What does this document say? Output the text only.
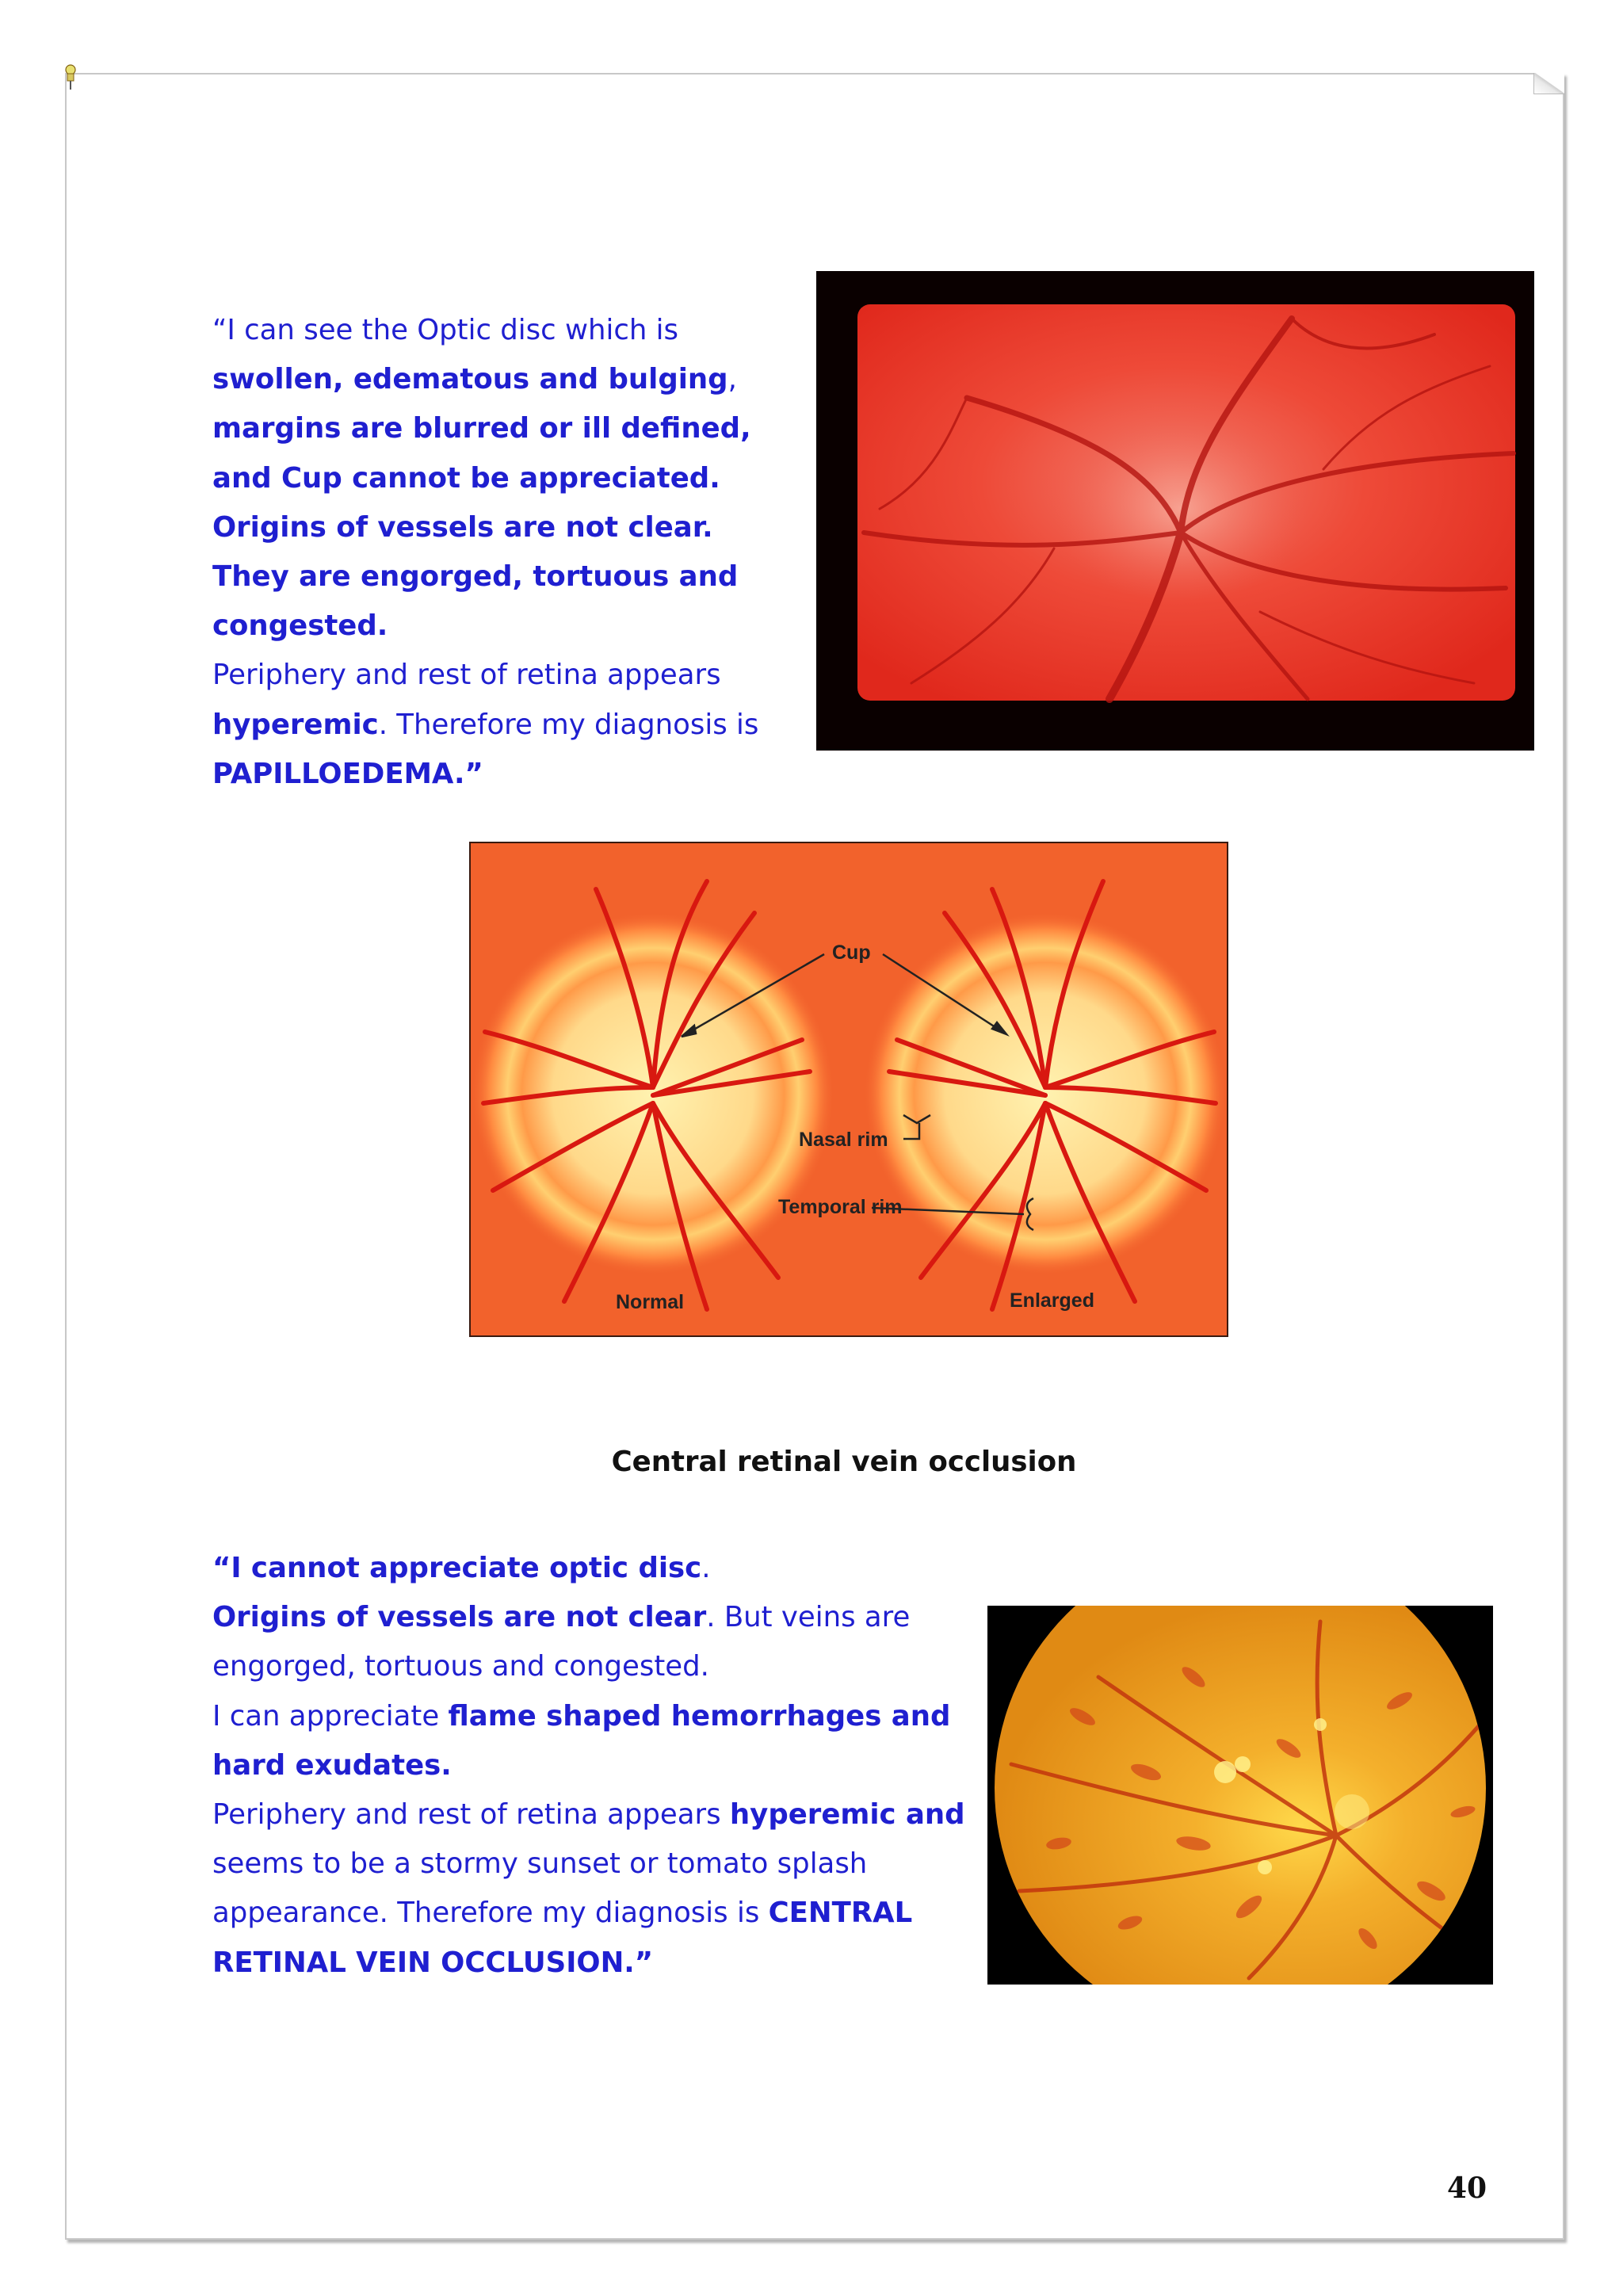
“I can see the Optic disc which is swollen, edematous and bulging, margins are blurred or ill defined, and Cup cannot be appreciated. Origins of vessels are not clear. They are engorged, tortuous and congested.
Periphery and rest of retina appears hyperemic. Therefore my diagnosis is PAPILLOEDEMA.”

Cup
Nasal rim
Temporal rim
Normal	Enlarged

Central retinal vein occlusion

“I cannot appreciate optic disc.
Origins of vessels are not clear. But veins are engorged, tortuous and congested.
I can appreciate flame shaped hemorrhages and hard exudates.
Periphery and rest of retina appears hyperemic and seems to be a stormy sunset or tomato splash appearance. Therefore my diagnosis is CENTRAL RETINAL VEIN OCCLUSION.”

40
